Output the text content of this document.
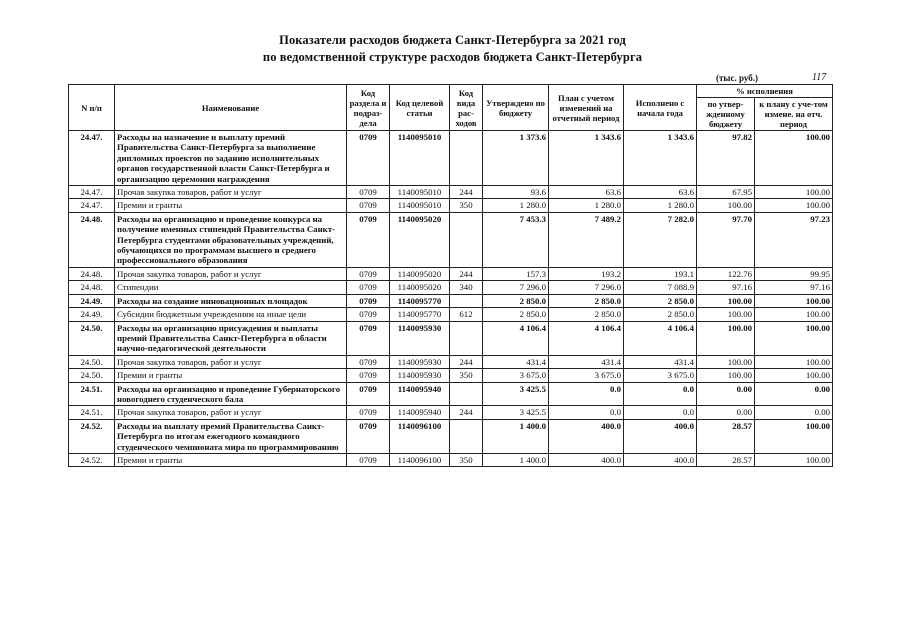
Показатели расходов бюджета Санкт-Петербурга за 2021 год
по ведомственной структуре расходов бюджета Санкт-Петербурга
(тыс. руб.)	117
N п/п	Наименование	Код раздела и подраз-дела	Код целевой статьи	Код вида рас-ходов	Утверждено по бюджету	План с учетом изменений на отчетный период	Исполнено с начала года	% исполнения	
								по утвер-жденному бюджету	к плану с уче-том измене. на отч. период
24.47.	Расходы на назначение и выплату премий Правительства Санкт-Петербурга за выполнение дипломных проектов по заданию исполнительных органов государственной власти Санкт-Петербурга и организацию церемонии награждения	0709	1140095010		1 373.6	1 343.6	1 343.6	97.82	100.00
24.47.	Прочая закупка товаров, работ и услуг	0709	1140095010	244	93.6	63.6	63.6	67.95	100.00
24.47.	Премии и гранты	0709	1140095010	350	1 280.0	1 280.0	1 280.0	100.00	100.00
24.48.	Расходы на организацию и проведение конкурса на получение именных стипендий Правительства Санкт-Петербурга студентами образовательных учреждений, обучающихся по программам высшего и среднего профессионального образования	0709	1140095020		7 453.3	7 489.2	7 282.0	97.70	97.23
24.48.	Прочая закупка товаров, работ и услуг	0709	1140095020	244	157.3	193.2	193.1	122.76	99.95
24.48.	Стипендии	0709	1140095020	340	7 296.0	7 296.0	7 088.9	97.16	97.16
24.49.	Расходы на создание инновационных площадок	0709	1140095770		2 850.0	2 850.0	2 850.0	100.00	100.00
24.49.	Субсидии бюджетным учреждениям на иные цели	0709	1140095770	612	2 850.0	2 850.0	2 850.0	100.00	100.00
24.50.	Расходы на организацию присуждения и выплаты премий Правительства Санкт-Петербурга в области научно-педагогической деятельности	0709	1140095930		4 106.4	4 106.4	4 106.4	100.00	100.00
24.50.	Прочая закупка товаров, работ и услуг	0709	1140095930	244	431.4	431.4	431.4	100.00	100.00
24.50.	Премии и гранты	0709	1140095930	350	3 675.0	3 675.0	3 675.0	100.00	100.00
24.51.	Расходы на организацию и проведение Губернаторского новогоднего студенческого бала	0709	1140095940		3 425.5	0.0	0.0	0.00	0.00
24.51.	Прочая закупка товаров, работ и услуг	0709	1140095940	244	3 425.5	0.0	0.0	0.00	0.00
24.52.	Расходы на выплату премий Правительства Санкт-Петербурга по итогам ежегодного командного студенческого чемпионата мира по программированию	0709	1140096100		1 400.0	400.0	400.0	28.57	100.00
24.52.	Премии и гранты	0709	1140096100	350	1 400.0	400.0	400.0	28.57	100.00
